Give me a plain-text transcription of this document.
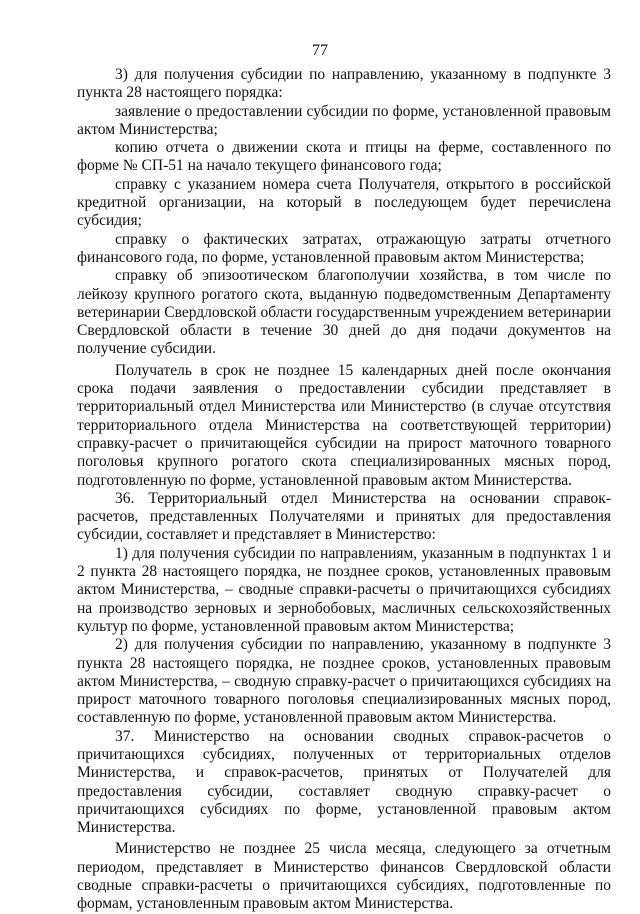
77

3) для получения субсидии по направлению, указанному в подпункте 3 пункта 28 настоящего порядка:

заявление о предоставлении субсидии по форме, установленной правовым актом Министерства;

копию отчета о движении скота и птицы на ферме, составленного по форме № СП-51 на начало текущего финансового года;

справку с указанием номера счета Получателя, открытого в российской кредитной организации, на который в последующем будет перечислена субсидия;

справку о фактических затратах, отражающую затраты отчетного финансового года, по форме, установленной правовым актом Министерства;

справку об эпизоотическом благополучии хозяйства, в том числе по лейкозу крупного рогатого скота, выданную подведомственным Департаменту ветеринарии Свердловской области государственным учреждением ветеринарии Свердловской области в течение 30 дней до дня подачи документов на получение субсидии.

Получатель в срок не позднее 15 календарных дней после окончания срока подачи заявления о предоставлении субсидии представляет в территориальный отдел Министерства или Министерство (в случае отсутствия территориального отдела Министерства на соответствующей территории) справку-расчет о причитающейся субсидии на прирост маточного товарного поголовья крупного рогатого скота специализированных мясных пород, подготовленную по форме, установленной правовым актом Министерства.

36. Территориальный отдел Министерства на основании справок-расчетов, представленных Получателями и принятых для предоставления субсидии, составляет и представляет в Министерство:

1) для получения субсидии по направлениям, указанным в подпунктах 1 и 2 пункта 28 настоящего порядка, не позднее сроков, установленных правовым актом Министерства, – сводные справки-расчеты о причитающихся субсидиях на производство зерновых и зернобобовых, масличных сельскохозяйственных культур по форме, установленной правовым актом Министерства;

2) для получения субсидии по направлению, указанному в подпункте 3 пункта 28 настоящего порядка, не позднее сроков, установленных правовым актом Министерства, – сводную справку-расчет о причитающихся субсидиях на прирост маточного товарного поголовья специализированных мясных пород, составленную по форме, установленной правовым актом Министерства.

37. Министерство на основании сводных справок-расчетов о причитающихся субсидиях, полученных от территориальных отделов Министерства, и справок-расчетов, принятых от Получателей для предоставления субсидии, составляет сводную справку-расчет о причитающихся субсидиях по форме, установленной правовым актом Министерства.

Министерство не позднее 25 числа месяца, следующего за отчетным периодом, представляет в Министерство финансов Свердловской области сводные справки-расчеты о причитающихся субсидиях, подготовленные по формам, установленным правовым актом Министерства.
